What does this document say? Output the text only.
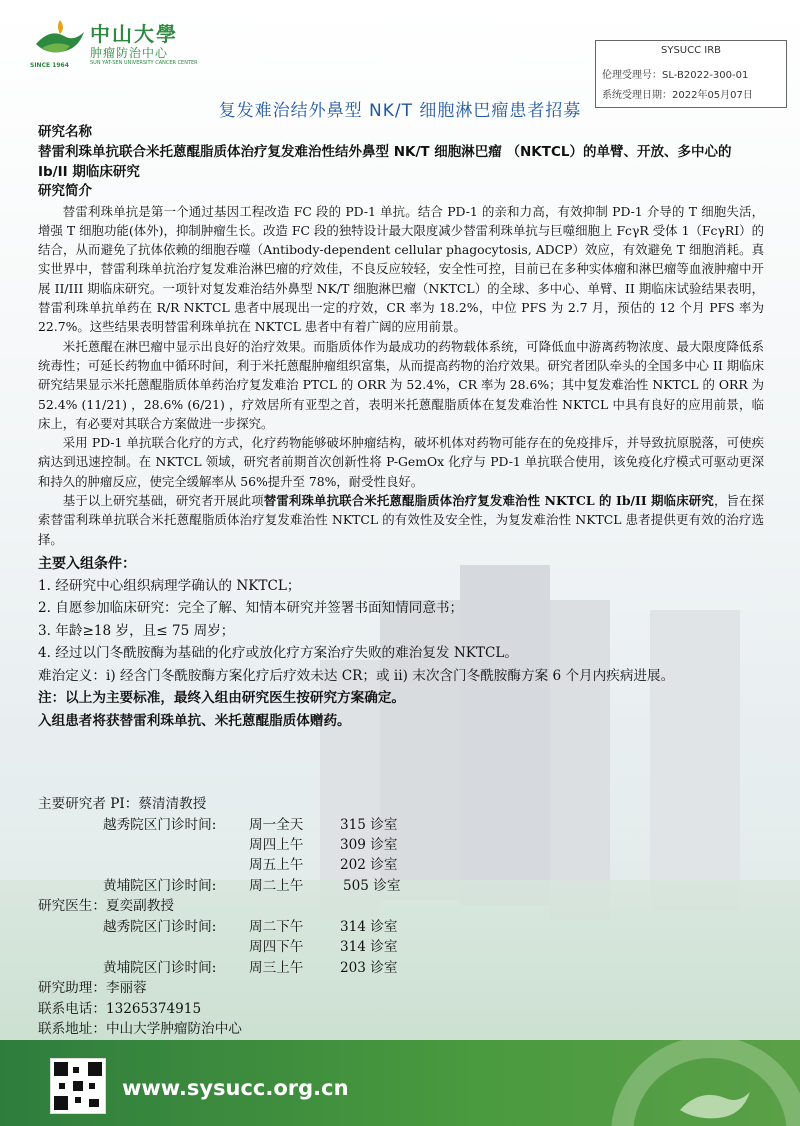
SINCE 1964
中山大學
肿瘤防治中心
SUN YAT-SEN UNIVERSITY CANCER CENTER
SYSUCC IRB
伦理受理号：SL-B2022-300-01
系统受理日期：2022年05月07日
复发难治结外鼻型 NK/T 细胞淋巴瘤患者招募
研究名称
替雷利珠单抗联合米托蒽醌脂质体治疗复发难治性结外鼻型 NK/T 细胞淋巴瘤 （NKTCL）的单臂、开放、多中心的 Ib/II 期临床研究
研究简介

替雷利珠单抗是第一个通过基因工程改造 FC 段的 PD-1 单抗。结合 PD-1 的亲和力高，有效抑制 PD-1 介导的 T 细胞失活，增强 T 细胞功能(体外)，抑制肿瘤生长。改造 FC 段的独特设计最大限度减少替雷利珠单抗与巨噬细胞上 FcγR 受体 1（FcγRI）的结合，从而避免了抗体依赖的细胞吞噬（Antibody-dependent cellular phagocytosis, ADCP）效应，有效避免 T 细胞消耗。真实世界中，替雷利珠单抗治疗复发难治淋巴瘤的疗效佳，不良反应较轻，安全性可控，目前已在多种实体瘤和淋巴瘤等血液肿瘤中开展 II/III 期临床研究。一项针对复发难治结外鼻型 NK/T 细胞淋巴瘤（NKTCL）的全球、多中心、单臂、II 期临床试验结果表明，替雷利珠单抗单药在 R/R NKTCL 患者中展现出一定的疗效，CR 率为 18.2%，中位 PFS 为 2.7 月，预估的 12 个月 PFS 率为 22.7%。这些结果表明替雷利珠单抗在 NKTCL 患者中有着广阔的应用前景。

米托蒽醌在淋巴瘤中显示出良好的治疗效果。而脂质体作为最成功的药物载体系统，可降低血中游离药物浓度、最大限度降低系统毒性；可延长药物血中循环时间，利于米托蒽醌肿瘤组织富集，从而提高药物的治疗效果。研究者团队牵头的全国多中心 II 期临床研究结果显示米托蒽醌脂质体单药治疗复发难治 PTCL 的 ORR 为 52.4%，CR 率为 28.6%；其中复发难治性 NKTCL 的 ORR 为 52.4% (11/21) ，28.6% (6/21) ，疗效居所有亚型之首，表明米托蒽醌脂质体在复发难治性 NKTCL 中具有良好的应用前景，临床上，有必要对其联合方案做进一步探究。

采用 PD-1 单抗联合化疗的方式，化疗药物能够破坏肿瘤结构，破坏机体对药物可能存在的免疫排斥，并导致抗原脱落，可使疾病达到迅速控制。在 NKTCL 领域，研究者前期首次创新性将 P-GemOx 化疗与 PD-1 单抗联合使用，该免疫化疗模式可驱动更深和持久的肿瘤反应，使完全缓解率从 56%提升至 78%，耐受性良好。

基于以上研究基础，研究者开展此项替雷利珠单抗联合米托蒽醌脂质体治疗复发难治性 NKTCL 的 Ib/II 期临床研究，旨在探索替雷利珠单抗联合米托蒽醌脂质体治疗复发难治性 NKTCL 的有效性及安全性，为复发难治性 NKTCL 患者提供更有效的治疗选择。

主要入组条件：
1. 经研究中心组织病理学确认的 NKTCL；
2. 自愿参加临床研究：完全了解、知情本研究并签署书面知情同意书；
3. 年龄≥18 岁，且≤ 75 周岁；
4. 经过以门冬酰胺酶为基础的化疗或放化疗方案治疗失败的难治复发 NKTCL。
难治定义：i) 经含门冬酰胺酶方案化疗后疗效未达 CR；或 ii) 末次含门冬酰胺酶方案 6 个月内疾病进展。
注：以上为主要标准，最终入组由研究医生按研究方案确定。
入组患者将获替雷利珠单抗、米托蒽醌脂质体赠药。
主要研究者 PI：蔡清清教授
越秀院区门诊时间: 周一全天	315 诊室
周四上午	309 诊室
周五上午	202 诊室
黄埔院区门诊时间: 周二上午	505 诊室
研究医生：夏奕副教授
越秀院区门诊时间: 周二下午	314 诊室
周四下午	314 诊室
黄埔院区门诊时间: 周三上午	203 诊室
研究助理：李丽蓉
联系电话：13265374915
联系地址：中山大学肿瘤防治中心
www.sysucc.org.cn
